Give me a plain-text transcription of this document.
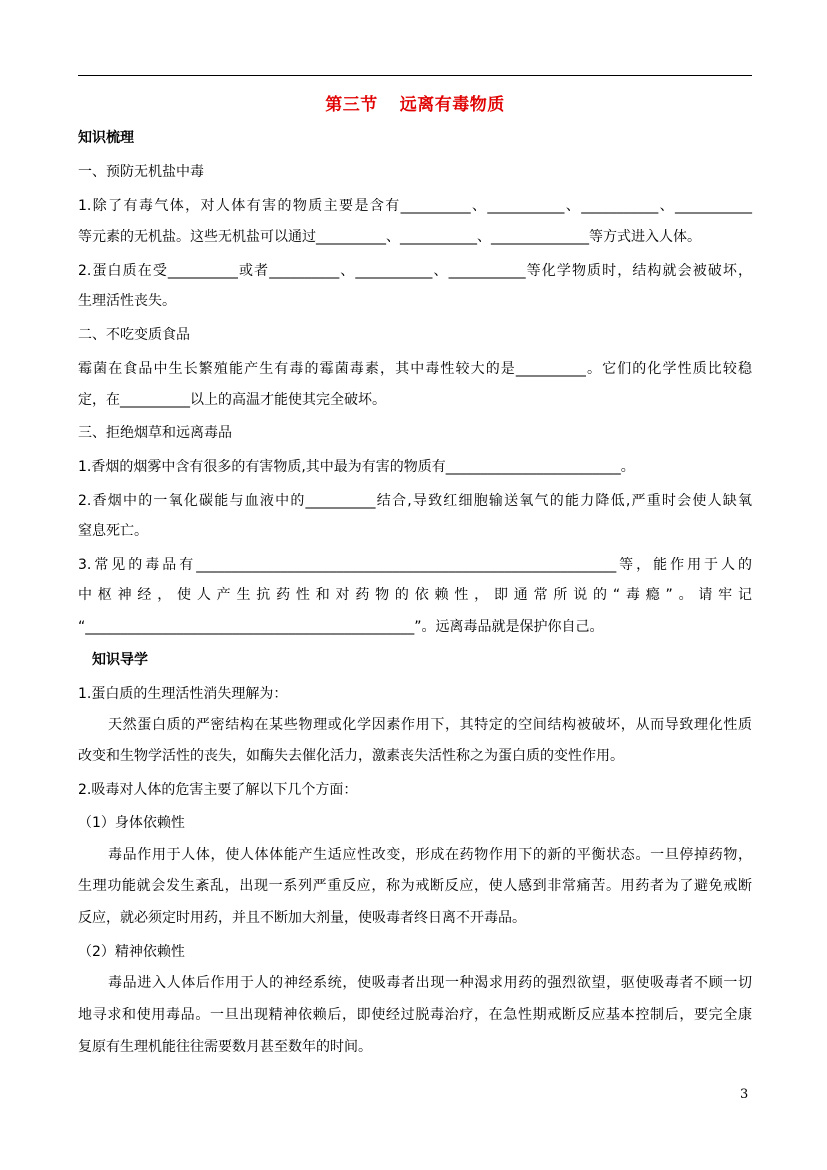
第三节 远离有毒物质
知识梳理
一、预防无机盐中毒
1.除了有毒气体，对人体有害的物质主要是含有__________、___________、___________、___________
等元素的无机盐。这些无机盐可以通过__________、___________、______________等方式进入人体。
2.蛋白质在受__________或者__________、___________、___________等化学物质时，结构就会被破坏，
生理活性丧失。
二、不吃变质食品
霉菌在食品中生长繁殖能产生有毒的霉菌毒素，其中毒性较大的是__________。它们的化学性质比较稳
定，在__________以上的高温才能使其完全破坏。
三、拒绝烟草和远离毒品
1.香烟的烟雾中含有很多的有害物质,其中最为有害的物质有_________________________。
2.香烟中的一氧化碳能与血液中的__________结合,导致红细胞输送氧气的能力降低,严重时会使人缺氧
窒息死亡。
3.常见的毒品有____________________________________________________________等，能作用于人的
中枢神经，使人产生抗药性和对药物的依赖性，即通常所说的“毒瘾”。请牢记
“_______________________________________________”。远离毒品就是保护你自己。
知识导学
1.蛋白质的生理活性消失理解为：
天然蛋白质的严密结构在某些物理或化学因素作用下，其特定的空间结构被破坏，从而导致理化性质
改变和生物学活性的丧失，如酶失去催化活力，激素丧失活性称之为蛋白质的变性作用。
2.吸毒对人体的危害主要了解以下几个方面：
（1）身体依赖性
毒品作用于人体，使人体体能产生适应性改变，形成在药物作用下的新的平衡状态。一旦停掉药物，
生理功能就会发生紊乱，出现一系列严重反应，称为戒断反应，使人感到非常痛苦。用药者为了避免戒断
反应，就必须定时用药，并且不断加大剂量，使吸毒者终日离不开毒品。
（2）精神依赖性
毒品进入人体后作用于人的神经系统，使吸毒者出现一种渴求用药的强烈欲望，驱使吸毒者不顾一切
地寻求和使用毒品。一旦出现精神依赖后，即使经过脱毒治疗，在急性期戒断反应基本控制后，要完全康
复原有生理机能往往需要数月甚至数年的时间。
3
